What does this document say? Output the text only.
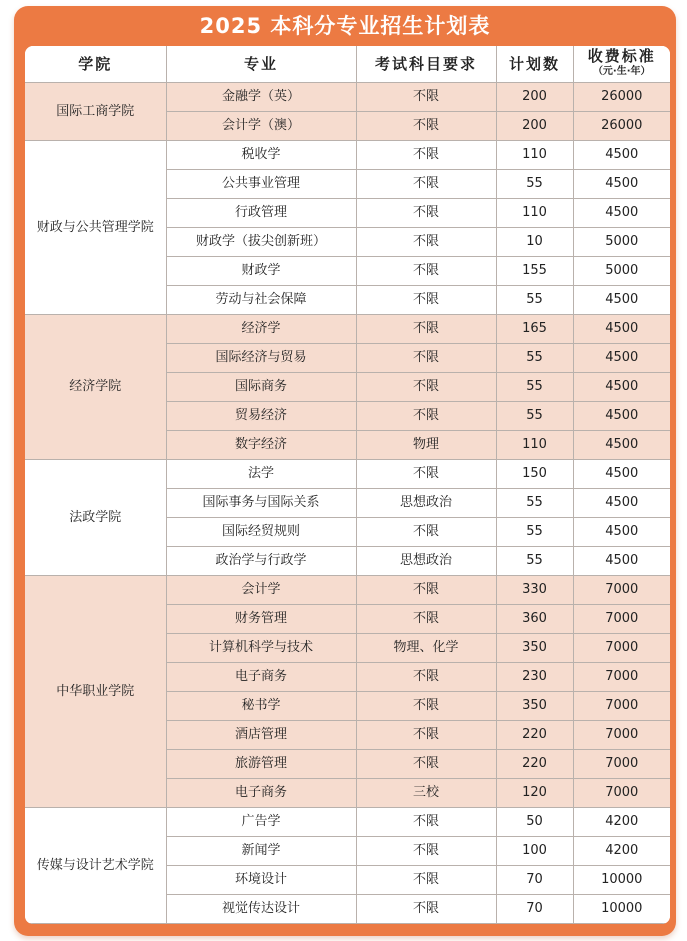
2025 本科分专业招生计划表
学院	专业	考试科目要求	计划数	收费标准
（元·生·年）

国际工商学院	金融学（英）	不限	200	26000
	会计学（澳）	不限	200	26000
财政与公共管理学院	税收学	不限	110	4500
	公共事业管理	不限	55	4500
	行政管理	不限	110	4500
	财政学（拔尖创新班）	不限	10	5000
	财政学	不限	155	5000
	劳动与社会保障	不限	55	4500
经济学院	经济学	不限	165	4500
	国际经济与贸易	不限	55	4500
	国际商务	不限	55	4500
	贸易经济	不限	55	4500
	数字经济	物理	110	4500
法政学院	法学	不限	150	4500
	国际事务与国际关系	思想政治	55	4500
	国际经贸规则	不限	55	4500
	政治学与行政学	思想政治	55	4500
中华职业学院	会计学	不限	330	7000
	财务管理	不限	360	7000
	计算机科学与技术	物理、化学	350	7000
	电子商务	不限	230	7000
	秘书学	不限	350	7000
	酒店管理	不限	220	7000
	旅游管理	不限	220	7000
	电子商务	三校	120	7000
传媒与设计艺术学院	广告学	不限	50	4200
	新闻学	不限	100	4200
	环境设计	不限	70	10000
	视觉传达设计	不限	70	10000
